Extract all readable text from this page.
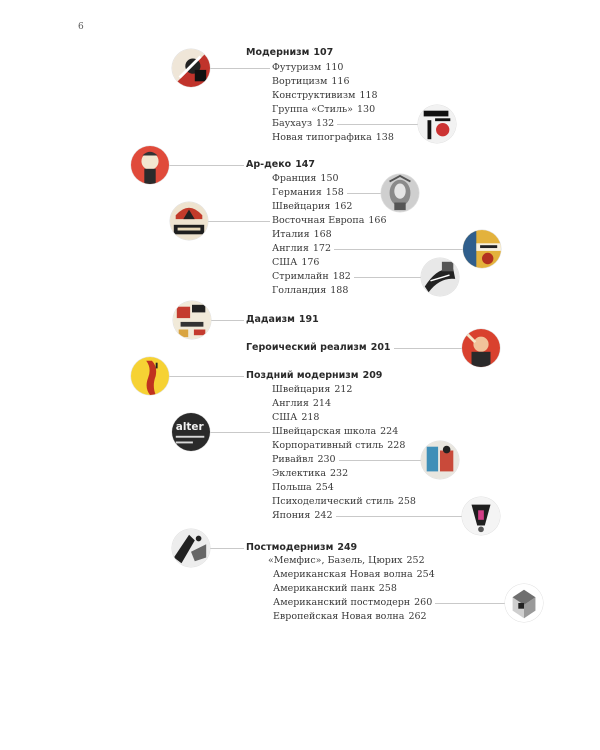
6
Модернизм 107
Футуризм 110
Вортицизм 116
Конструктивизм 118
Группа «Стиль» 130
Баухауз 132
Новая типографика 138
Ар-деко 147
Франция 150
Германия 158
Швейцария 162
Восточная Европа 166
Италия 168
Англия 172
США 176
Стримлайн 182
Голландия 188
Дадаизм 191
Героический реализм 201
Поздний модернизм 209
Швейцария 212
Англия 214
США 218
Швейцарская школа 224
Корпоративный стиль 228
Ривайвл 230
Эклектика 232
Польша 254
Психоделический стиль 258
Япония 242
Постмодернизм 249
«Мемфис», Базель, Цюрих 252
Американская Новая волна 254
Американский панк 258
Американский постмодерн 260
Европейская Новая волна 262
alter
